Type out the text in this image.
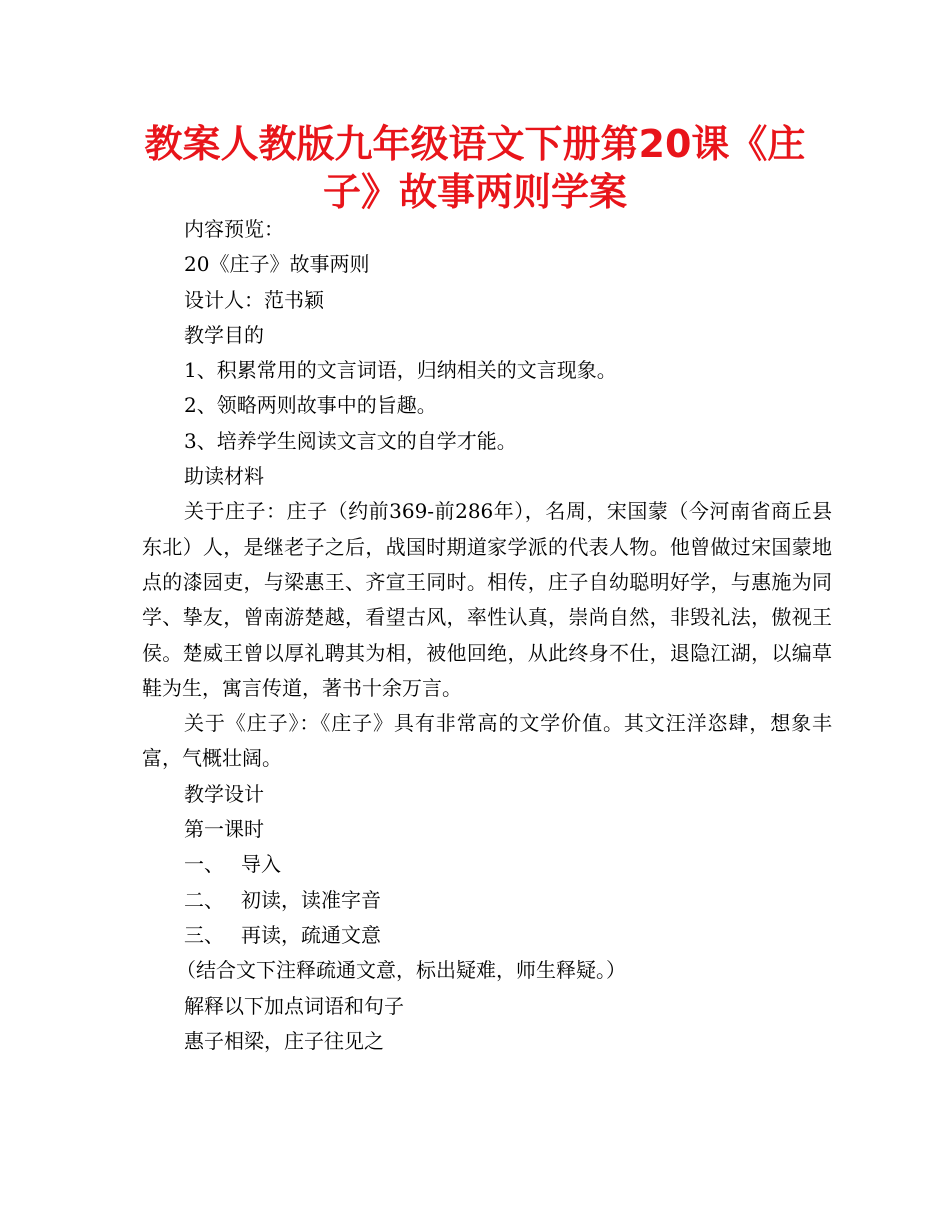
教案人教版九年级语文下册第20课《庄
子》故事两则学案

内容预览：

20《庄子》故事两则

设计人：范书颖

教学目的

1、积累常用的文言词语，归纳相关的文言现象。

2、领略两则故事中的旨趣。

3、培养学生阅读文言文的自学才能。

助读材料

关于庄子：庄子（约前369-前286年），名周，宋国蒙（今河南省商丘县东北）人，是继老子之后，战国时期道家学派的代表人物。他曾做过宋国蒙地点的漆园吏，与梁惠王、齐宣王同时。相传，庄子自幼聪明好学，与惠施为同学、挚友，曾南游楚越，看望古风，率性认真，崇尚自然，非毁礼法，傲视王侯。楚威王曾以厚礼聘其为相，被他回绝，从此终身不仕，退隐江湖，以编草鞋为生，寓言传道，著书十余万言。

关于《庄子》：《庄子》具有非常高的文学价值。其文汪洋恣肆，想象丰富，气概壮阔。

教学设计

第一课时

一、 导入

二、 初读，读准字音

三、 再读，疏通文意

（结合文下注释疏通文意，标出疑难，师生释疑。）

解释以下加点词语和句子

惠子相梁，庄子往见之
